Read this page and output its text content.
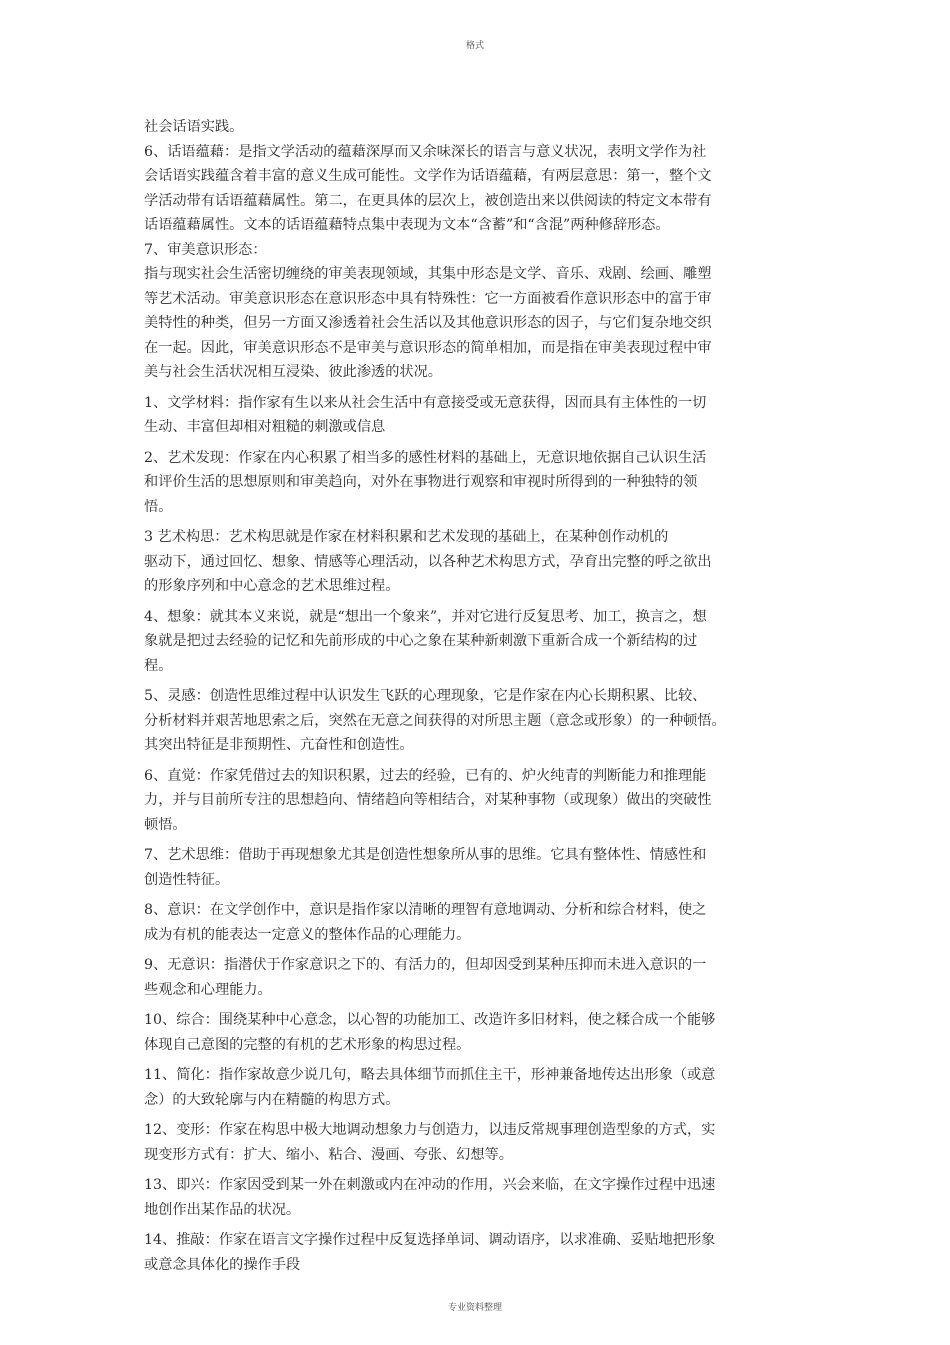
格式

社会话语实践。

6、话语蕴藉：是指文学活动的蕴藉深厚而又余味深长的语言与意义状况，表明文学作为社
会话语实践蕴含着丰富的意义生成可能性。文学作为话语蕴藉，有两层意思：第一，整个文
学活动带有话语蕴藉属性。第二，在更具体的层次上，被创造出来以供阅读的特定文本带有
话语蕴藉属性。文本的话语蕴藉特点集中表现为文本“含蓄”和“含混”两种修辞形态。

7、审美意识形态：
指与现实社会生活密切缠绕的审美表现领域，其集中形态是文学、音乐、戏剧、绘画、雕塑
等艺术活动。审美意识形态在意识形态中具有特殊性：它一方面被看作意识形态中的富于审
美特性的种类，但另一方面又渗透着社会生活以及其他意识形态的因子，与它们复杂地交织
在一起。因此，审美意识形态不是审美与意识形态的简单相加，而是指在审美表现过程中审
美与社会生活状况相互浸染、彼此渗透的状况。

1、文学材料：指作家有生以来从社会生活中有意接受或无意获得，因而具有主体性的一切
生动、丰富但却相对粗糙的刺激或信息

2、艺术发现：作家在内心积累了相当多的感性材料的基础上，无意识地依据自己认识生活
和评价生活的思想原则和审美趋向，对外在事物进行观察和审视时所得到的一种独特的领
悟。

3 艺术构思：艺术构思就是作家在材料积累和艺术发现的基础上，在某种创作动机的
驱动下，通过回忆、想象、情感等心理活动，以各种艺术构思方式，孕育出完整的呼之欲出
的形象序列和中心意念的艺术思维过程。

4、想象：就其本义来说，就是“想出一个象来”，并对它进行反复思考、加工，换言之，想
象就是把过去经验的记忆和先前形成的中心之象在某种新刺激下重新合成一个新结构的过
程。

5、灵感：创造性思维过程中认识发生飞跃的心理现象，它是作家在内心长期积累、比较、
分析材料并艰苦地思索之后，突然在无意之间获得的对所思主题（意念或形象）的一种顿悟。
其突出特征是非预期性、亢奋性和创造性。

6、直觉：作家凭借过去的知识积累，过去的经验，已有的、炉火纯青的判断能力和推理能
力，并与目前所专注的思想趋向、情绪趋向等相结合，对某种事物（或现象）做出的突破性
顿悟。

7、艺术思维：借助于再现想象尤其是创造性想象所从事的思维。它具有整体性、情感性和
创造性特征。

8、意识：在文学创作中，意识是指作家以清晰的理智有意地调动、分析和综合材料，使之
成为有机的能表达一定意义的整体作品的心理能力。

9、无意识：指潜伏于作家意识之下的、有活力的，但却因受到某种压抑而未进入意识的一
些观念和心理能力。

10、综合：围绕某种中心意念，以心智的功能加工、改造许多旧材料，使之糅合成一个能够
体现自己意图的完整的有机的艺术形象的构思过程。

11、简化：指作家故意少说几句，略去具体细节而抓住主干，形神兼备地传达出形象（或意
念）的大致轮廓与内在精髓的构思方式。

12、变形：作家在构思中极大地调动想象力与创造力，以违反常规事理创造型象的方式，实
现变形方式有：扩大、缩小、粘合、漫画、夸张、幻想等。

13、即兴：作家因受到某一外在刺激或内在冲动的作用，兴会来临，在文字操作过程中迅速
地创作出某作品的状况。

14、推敲：作家在语言文字操作过程中反复选择单词、调动语序，以求准确、妥贴地把形象
或意念具体化的操作手段

专业资料整理
